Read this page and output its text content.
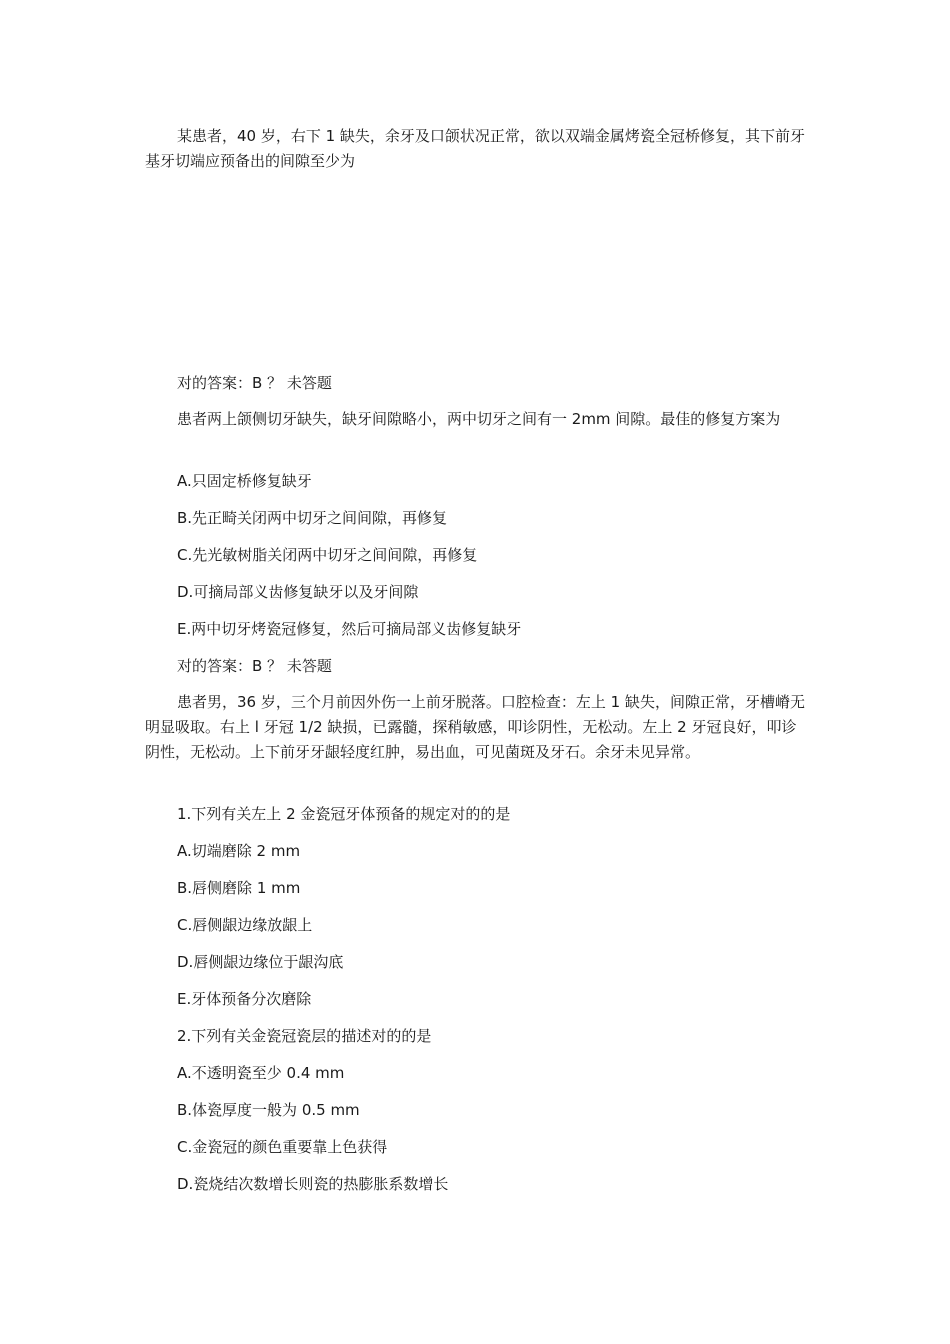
某患者，40 岁，右下 1 缺失，余牙及口颌状况正常，欲以双端金属烤瓷全冠桥修复，其下前牙基牙切端应预备出的间隙至少为
对的答案：B ？ 未答题
患者两上颌侧切牙缺失，缺牙间隙略小，两中切牙之间有一 2mm 间隙。最佳的修复方案为
A.只固定桥修复缺牙
B.先正畸关闭两中切牙之间间隙，再修复
C.先光敏树脂关闭两中切牙之间间隙，再修复
D.可摘局部义齿修复缺牙以及牙间隙
E.两中切牙烤瓷冠修复，然后可摘局部义齿修复缺牙
对的答案：B ？ 未答题
患者男，36 岁，三个月前因外伤一上前牙脱落。口腔检查：左上 1 缺失，间隙正常，牙槽嵴无明显吸取。右上 l 牙冠 1/2 缺损，已露髓，探稍敏感，叩诊阴性，无松动。左上 2 牙冠良好，叩诊阴性，无松动。上下前牙牙龈轻度红肿，易出血，可见菌斑及牙石。余牙未见异常。
1.下列有关左上 2 金瓷冠牙体预备的规定对的的是
A.切端磨除 2 mm
B.唇侧磨除 1 mm
C.唇侧龈边缘放龈上
D.唇侧龈边缘位于龈沟底
E.牙体预备分次磨除
2.下列有关金瓷冠瓷层的描述对的的是
A.不透明瓷至少 0.4 mm
B.体瓷厚度一般为 0.5 mm
C.金瓷冠的颜色重要靠上色获得
D.瓷烧结次数增长则瓷的热膨胀系数增长
